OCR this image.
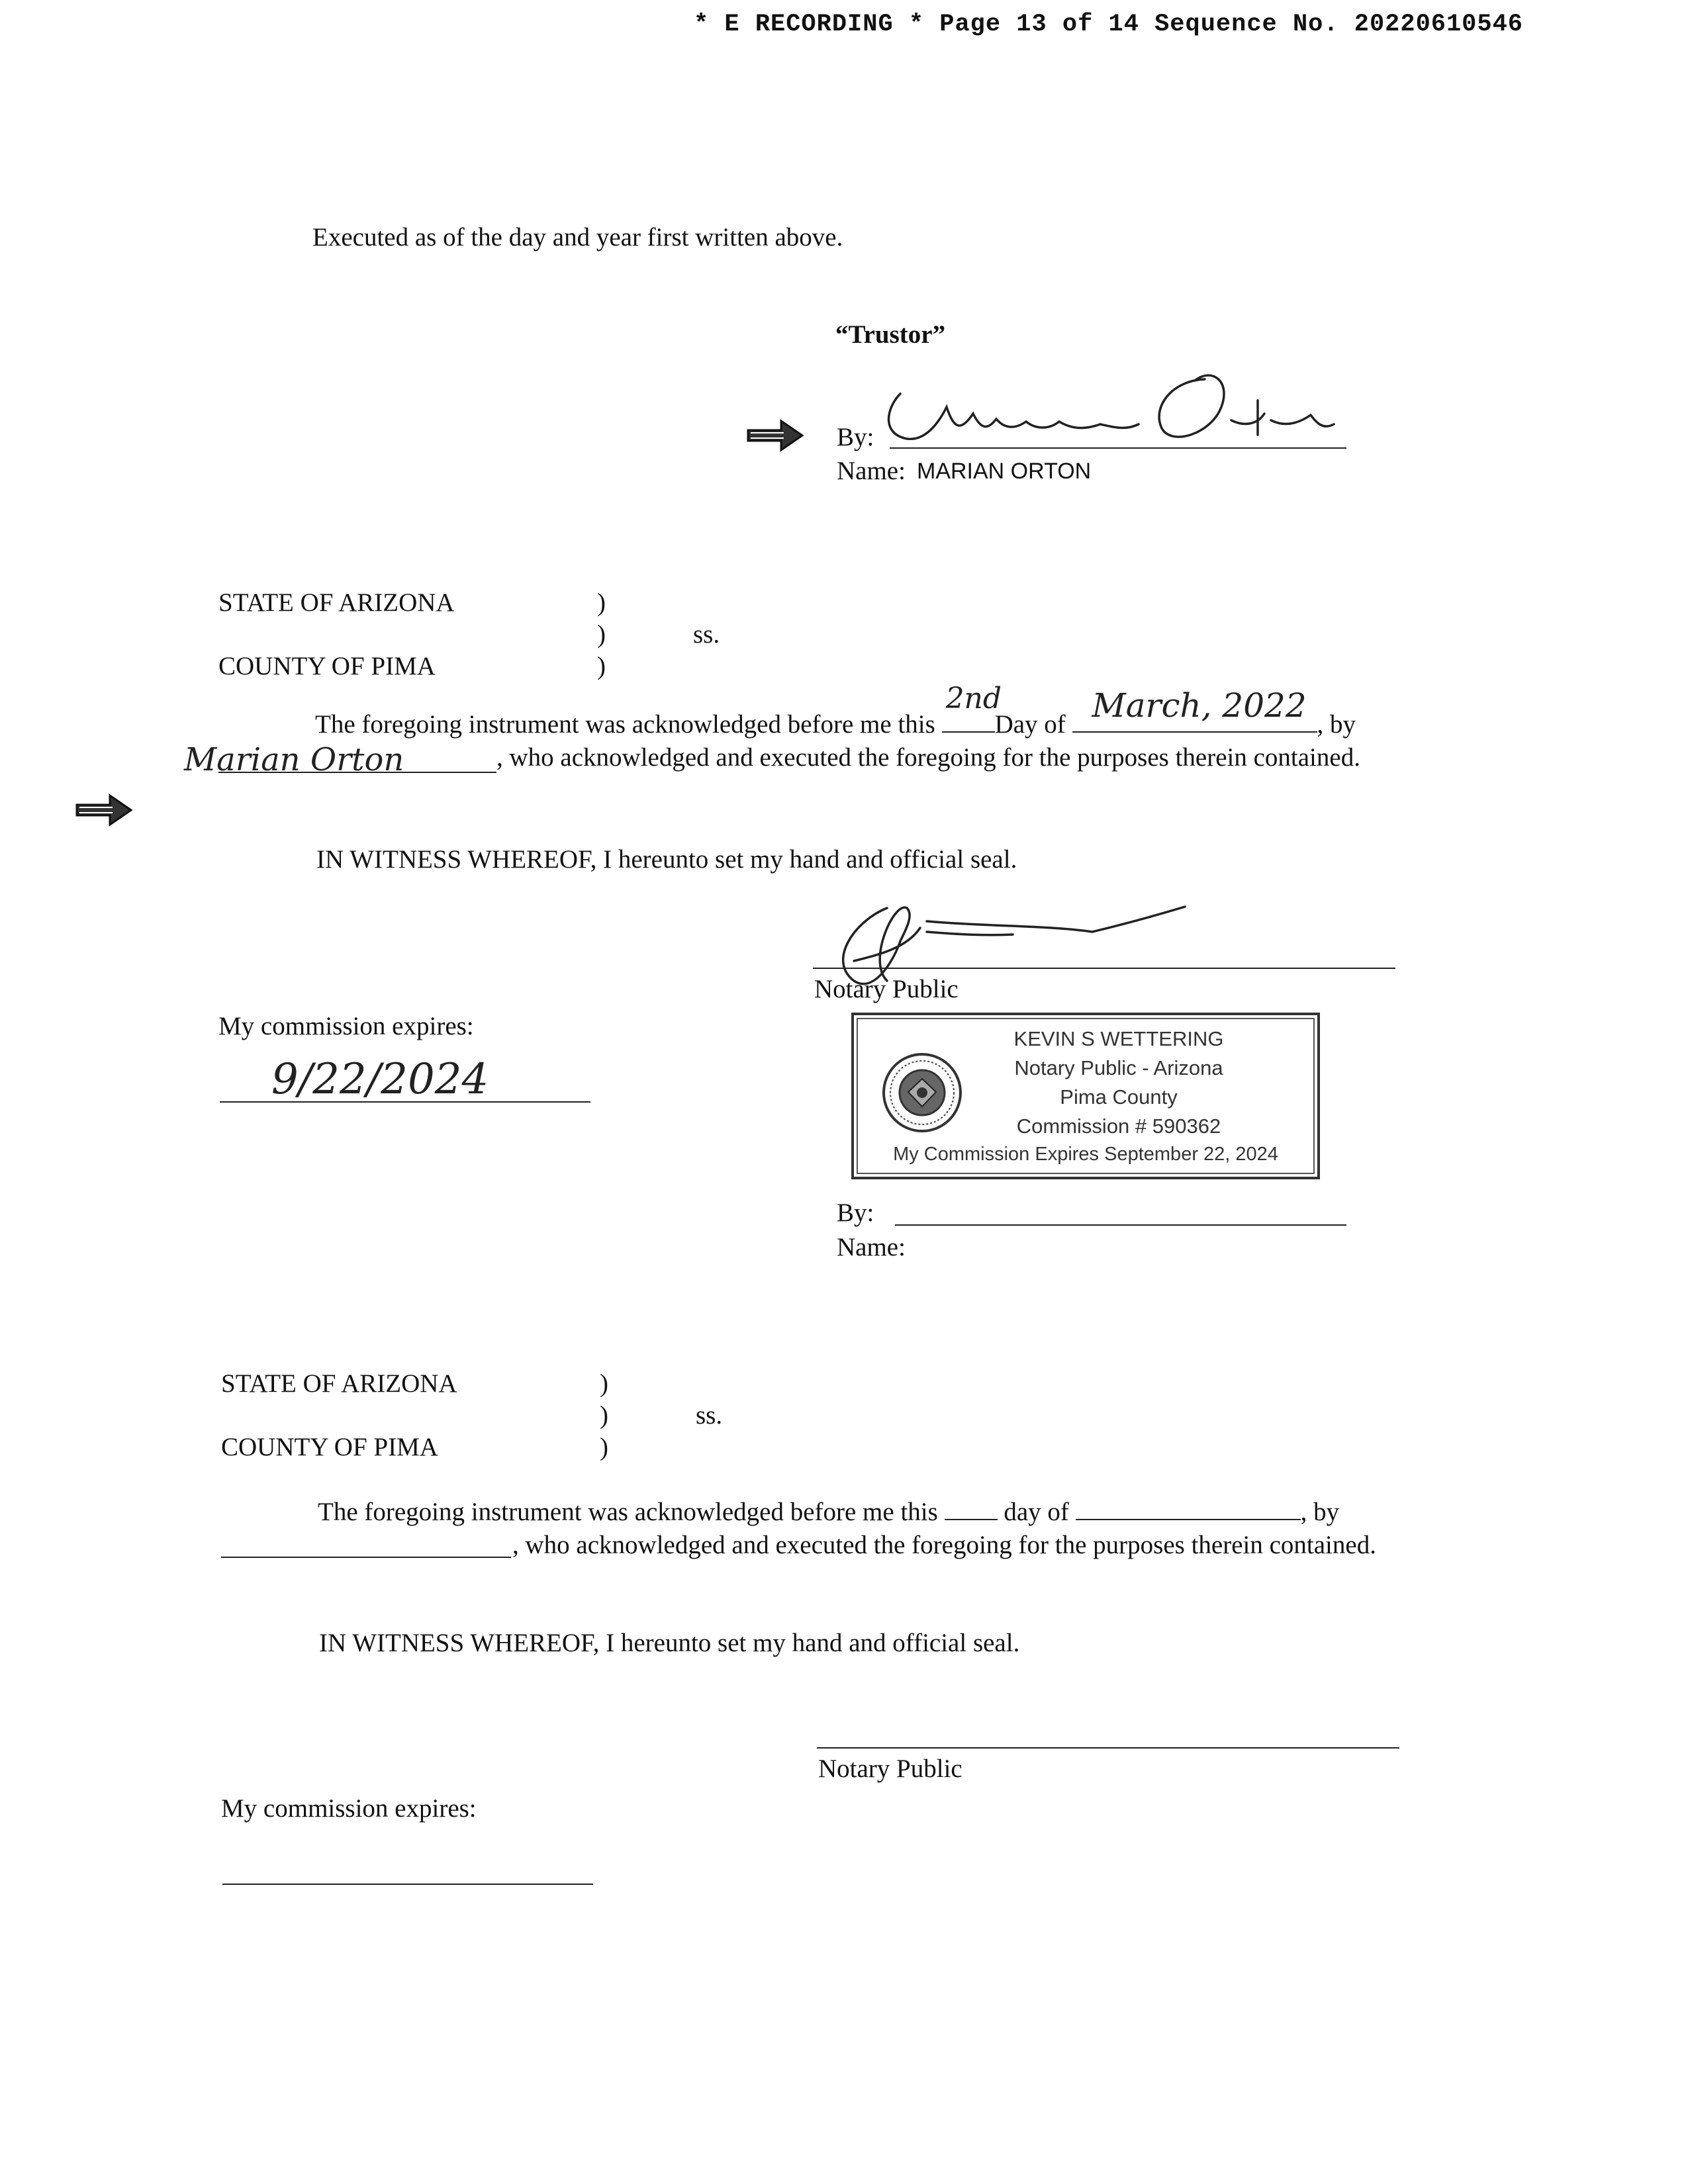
* E RECORDING * Page 13 of 14 Sequence No. 20220610546
Executed as of the day and year first written above.
“Trustor”
By:
Name: MARIAN ORTON
STATE OF ARIZONA	)
)	ss.
COUNTY OF PIMA	)
The foregoing instrument was acknowledged before me this
2nd
Day of March, 2022 , by
Marian Orton	, who acknowledged and executed the foregoing for the purposes therein contained.
IN WITNESS WHEREOF, I hereunto set my hand and official seal.
Notary Public
My commission expires:
9/22/2024
KEVIN S WETTERING
Notary Public - Arizona
Pima County
Commission # 590362
My Commission Expires September 22, 2024
By:
Name:
STATE OF ARIZONA	)
)	ss.
COUNTY OF PIMA	)
The foregoing instrument was acknowledged before me this	day of	, by
, who acknowledged and executed the foregoing for the purposes therein contained.
IN WITNESS WHEREOF, I hereunto set my hand and official seal.
Notary Public
My commission expires:
